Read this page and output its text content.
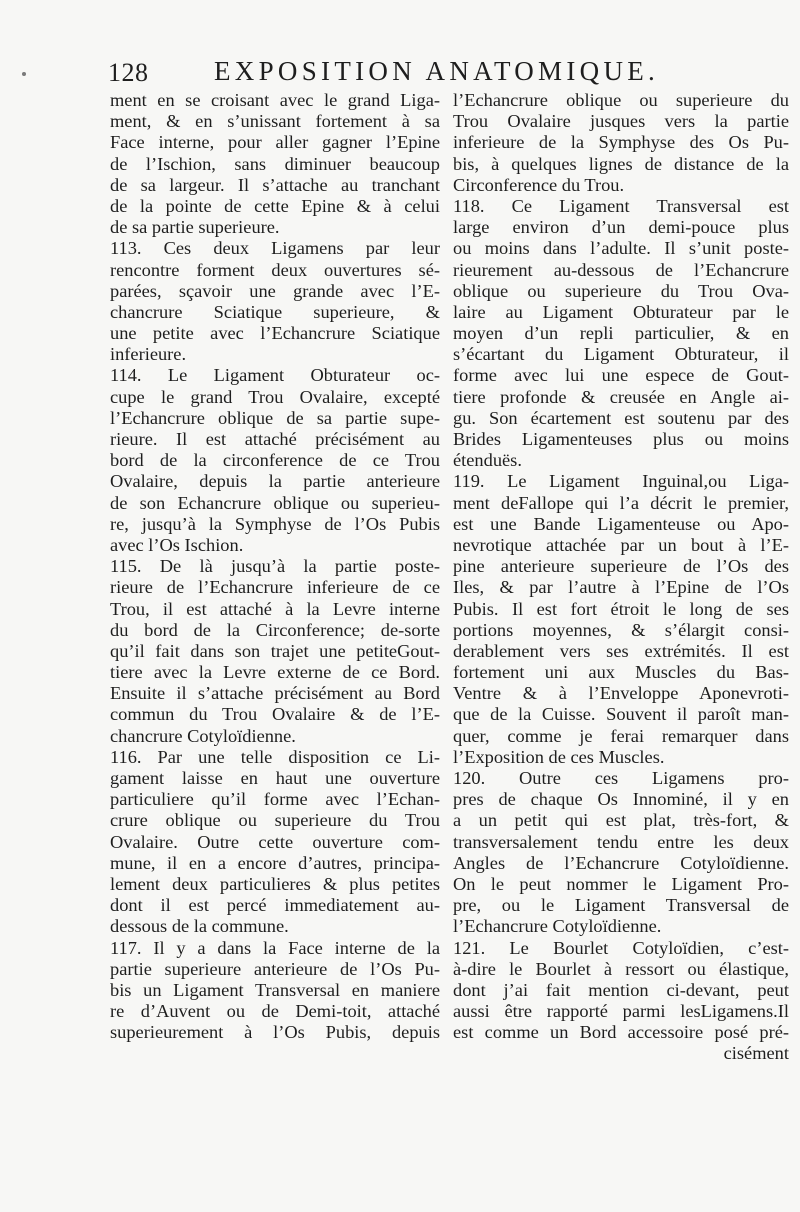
128 EXPOSITION ANATOMIQUE.
ment en se croisant avec le grand Liga-
ment, & en s’unissant fortement à sa
Face interne, pour aller gagner l’Epine
de l’Ischion, sans diminuer beaucoup
de sa largeur. Il s’attache au tranchant
de la pointe de cette Epine & à celui
de sa partie superieure.
113. Ces deux Ligamens par leur
rencontre forment deux ouvertures sé-
parées, sçavoir une grande avec l’E-
chancrure Sciatique superieure, &
une petite avec l’Echancrure Sciatique
inferieure.
114. Le Ligament Obturateur oc-
cupe le grand Trou Ovalaire, excepté
l’Echancrure oblique de sa partie supe-
rieure. Il est attaché précisément au
bord de la circonference de ce Trou
Ovalaire, depuis la partie anterieure
de son Echancrure oblique ou superieu-
re, jusqu’à la Symphyse de l’Os Pubis
avec l’Os Ischion.
115. De là jusqu’à la partie poste-
rieure de l’Echancrure inferieure de ce
Trou, il est attaché à la Levre interne
du bord de la Circonference; de-sorte
qu’il fait dans son trajet une petiteGout-
tiere avec la Levre externe de ce Bord.
Ensuite il s’attache précisément au Bord
commun du Trou Ovalaire & de l’E-
chancrure Cotyloïdienne.
116. Par une telle disposition ce Li-
gament laisse en haut une ouverture
particuliere qu’il forme avec l’Echan-
crure oblique ou superieure du Trou
Ovalaire. Outre cette ouverture com-
mune, il en a encore d’autres, principa-
lement deux particulieres & plus petites
dont il est percé immediatement au-
dessous de la commune.
117. Il y a dans la Face interne de la
partie superieure anterieure de l’Os Pu-
bis un Ligament Transversal en maniere
re d’Auvent ou de Demi-toit, attaché
superieurement à l’Os Pubis, depuis
l’Echancrure oblique ou superieure du
Trou Ovalaire jusques vers la partie
inferieure de la Symphyse des Os Pu-
bis, à quelques lignes de distance de la
Circonference du Trou.
118. Ce Ligament Transversal est
large environ d’un demi-pouce plus
ou moins dans l’adulte. Il s’unit poste-
rieurement au-dessous de l’Echancrure
oblique ou superieure du Trou Ova-
laire au Ligament Obturateur par le
moyen d’un repli particulier, & en
s’écartant du Ligament Obturateur, il
forme avec lui une espece de Gout-
tiere profonde & creusée en Angle ai-
gu. Son écartement est soutenu par des
Brides Ligamenteuses plus ou moins
étenduës.
119. Le Ligament Inguinal,ou Liga-
ment deFallope qui l’a décrit le premier,
est une Bande Ligamenteuse ou Apo-
nevrotique attachée par un bout à l’E-
pine anterieure superieure de l’Os des
Iles, & par l’autre à l’Epine de l’Os
Pubis. Il est fort étroit le long de ses
portions moyennes, & s’élargit consi-
derablement vers ses extrémités. Il est
fortement uni aux Muscles du Bas-
Ventre & à l’Enveloppe Aponevroti-
que de la Cuisse. Souvent il paroît man-
quer, comme je ferai remarquer dans
l’Exposition de ces Muscles.
120. Outre ces Ligamens pro-
pres de chaque Os Innominé, il y en
a un petit qui est plat, très-fort, &
transversalement tendu entre les deux
Angles de l’Echancrure Cotyloïdienne.
On le peut nommer le Ligament Pro-
pre, ou le Ligament Transversal de
l’Echancrure Cotyloïdienne.
121. Le Bourlet Cotyloïdien, c’est-
à-dire le Bourlet à ressort ou élastique,
dont j’ai fait mention ci-devant, peut
aussi être rapporté parmi lesLigamens.Il
est comme un Bord accessoire posé pré-
cisément
